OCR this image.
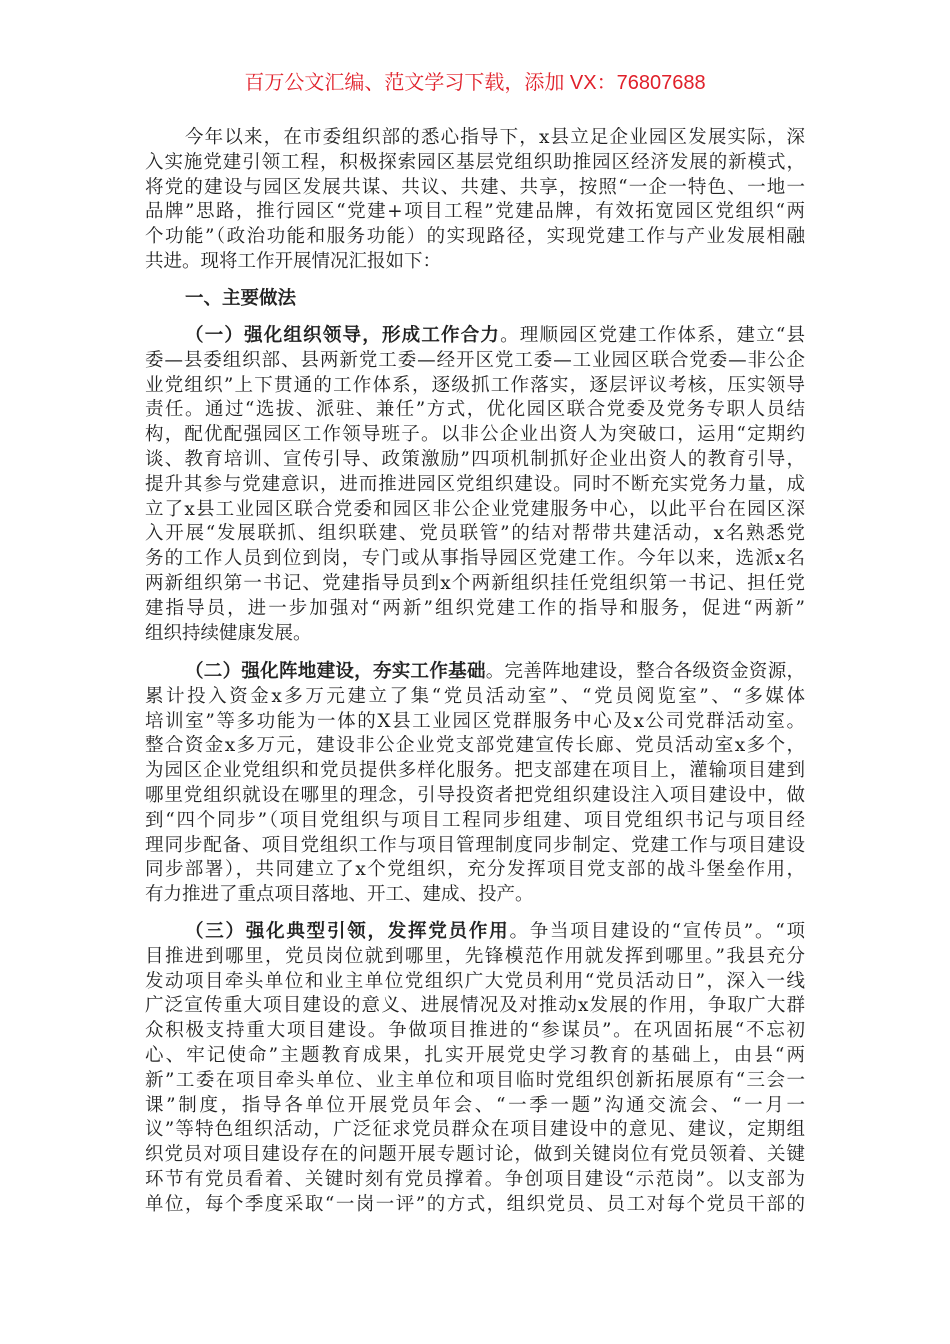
百万公文汇编、范文学习下载，添加 VX：76807688
今年以来，在市委组织部的悉心指导下，x县立足企业园区发展实际，深
入实施党建引领工程，积极探索园区基层党组织助推园区经济发展的新模式，
将党的建设与园区发展共谋、共议、共建、共享，按照“一企一特色、一地一
品牌”思路，推行园区“党建+项目工程”党建品牌，有效拓宽园区党组织“两
个功能”（政治功能和服务功能）的实现路径，实现党建工作与产业发展相融
共进。现将工作开展情况汇报如下：
一、主要做法
（一）强化组织领导，形成工作合力。理顺园区党建工作体系，建立“县
委—县委组织部、县两新党工委—经开区党工委—工业园区联合党委—非公企
业党组织”上下贯通的工作体系，逐级抓工作落实，逐层评议考核，压实领导
责任。通过“选拔、派驻、兼任”方式，优化园区联合党委及党务专职人员结
构，配优配强园区工作领导班子。以非公企业出资人为突破口，运用“定期约
谈、教育培训、宣传引导、政策激励”四项机制抓好企业出资人的教育引导，
提升其参与党建意识，进而推进园区党组织建设。同时不断充实党务力量，成
立了x县工业园区联合党委和园区非公企业党建服务中心，以此平台在园区深
入开展“发展联抓、组织联建、党员联管”的结对帮带共建活动，x名熟悉党
务的工作人员到位到岗，专门或从事指导园区党建工作。今年以来，选派x名
两新组织第一书记、党建指导员到x个两新组织挂任党组织第一书记、担任党
建指导员，进一步加强对“两新”组织党建工作的指导和服务，促进“两新”
组织持续健康发展。
（二）强化阵地建设，夯实工作基础。完善阵地建设，整合各级资金资源，
累计投入资金x多万元建立了集“党员活动室”、“党员阅览室”、“多媒体
培训室”等多功能为一体的X县工业园区党群服务中心及x公司党群活动室。
整合资金x多万元，建设非公企业党支部党建宣传长廊、党员活动室x多个，
为园区企业党组织和党员提供多样化服务。把支部建在项目上，灌输项目建到
哪里党组织就设在哪里的理念，引导投资者把党组织建设注入项目建设中，做
到“四个同步”（项目党组织与项目工程同步组建、项目党组织书记与项目经
理同步配备、项目党组织工作与项目管理制度同步制定、党建工作与项目建设
同步部署），共同建立了x个党组织，充分发挥项目党支部的战斗堡垒作用，
有力推进了重点项目落地、开工、建成、投产。
（三）强化典型引领，发挥党员作用。争当项目建设的“宣传员”。“项
目推进到哪里，党员岗位就到哪里，先锋模范作用就发挥到哪里。”我县充分
发动项目牵头单位和业主单位党组织广大党员利用“党员活动日”，深入一线
广泛宣传重大项目建设的意义、进展情况及对推动x发展的作用，争取广大群
众积极支持重大项目建设。争做项目推进的“参谋员”。在巩固拓展“不忘初
心、牢记使命”主题教育成果，扎实开展党史学习教育的基础上，由县“两
新”工委在项目牵头单位、业主单位和项目临时党组织创新拓展原有“三会一
课”制度，指导各单位开展党员年会、“一季一题”沟通交流会、“一月一
议”等特色组织活动，广泛征求党员群众在项目建设中的意见、建议，定期组
织党员对项目建设存在的问题开展专题讨论，做到关键岗位有党员领着、关键
环节有党员看着、关键时刻有党员撑着。争创项目建设“示范岗”。以支部为
单位，每个季度采取“一岗一评”的方式，组织党员、员工对每个党员干部的
